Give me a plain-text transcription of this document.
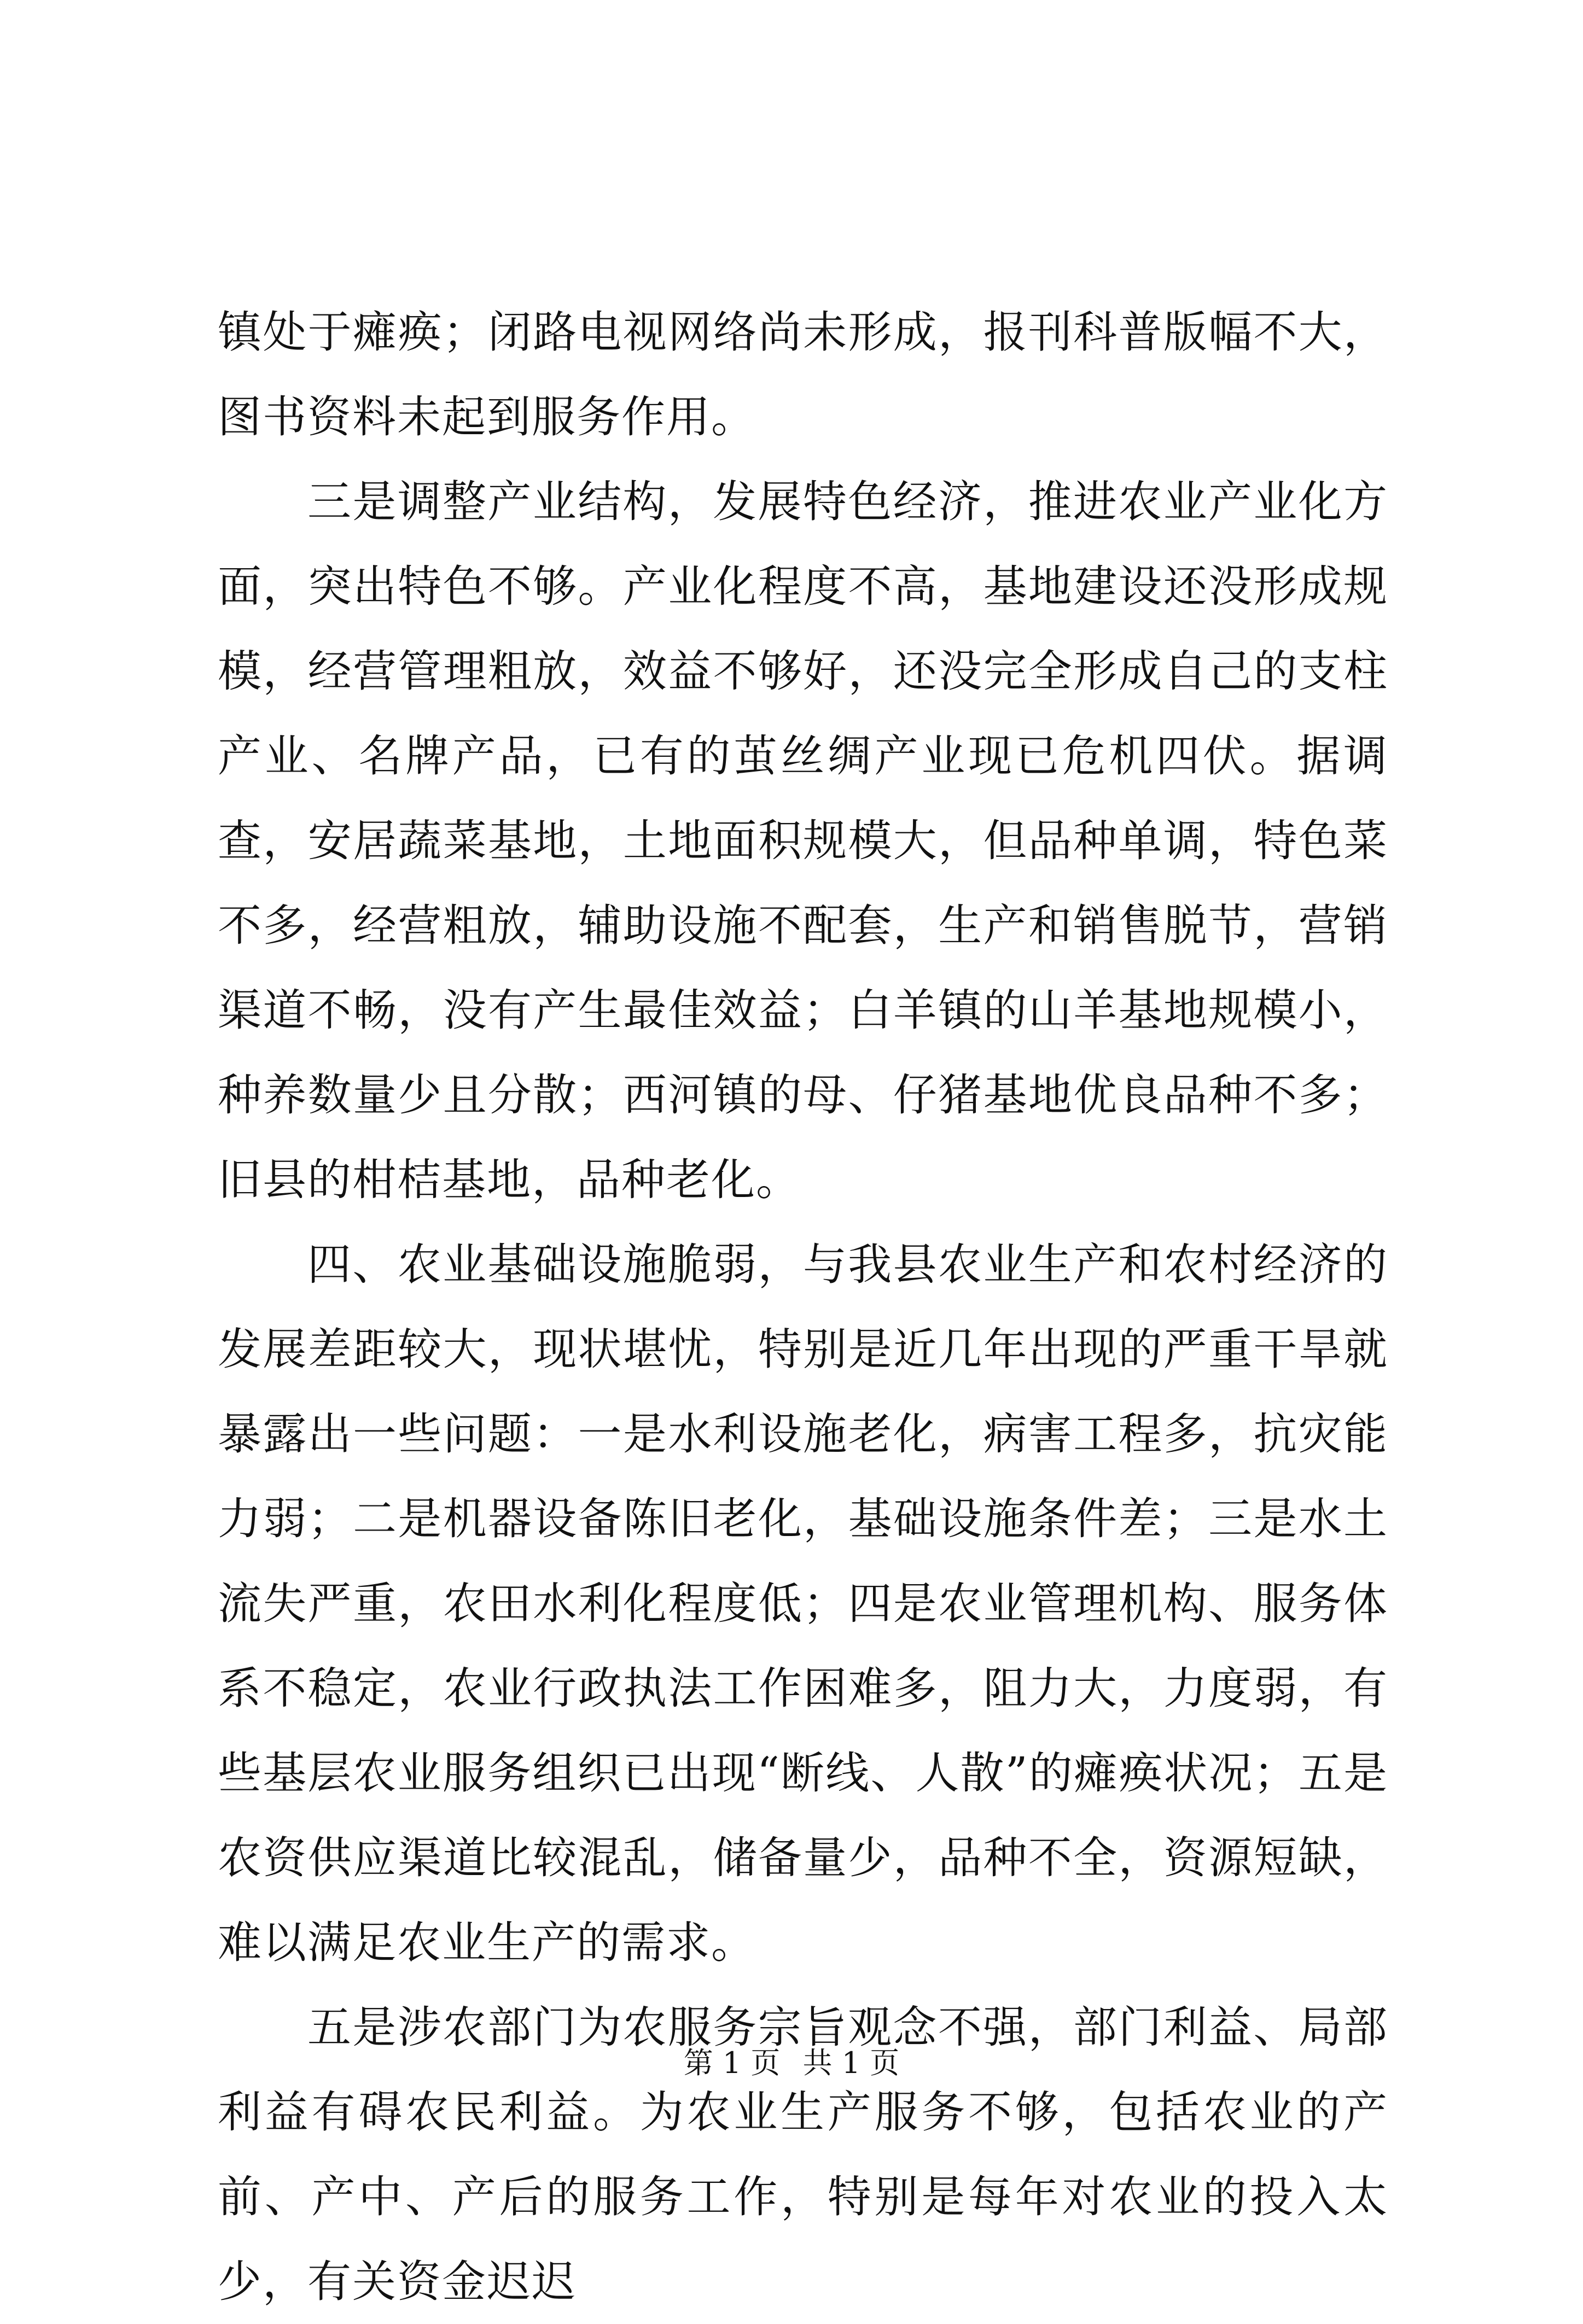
镇处于瘫痪；闭路电视网络尚未形成，报刊科普版幅不大，图书资料未起到服务作用。

三是调整产业结构，发展特色经济，推进农业产业化方面，突出特色不够。产业化程度不高，基地建设还没形成规模，经营管理粗放，效益不够好，还没完全形成自己的支柱产业、名牌产品，已有的茧丝绸产业现已危机四伏。据调查，安居蔬菜基地，土地面积规模大，但品种单调，特色菜不多，经营粗放，辅助设施不配套，生产和销售脱节，营销渠道不畅，没有产生最佳效益；白羊镇的山羊基地规模小，种养数量少且分散；西河镇的母、仔猪基地优良品种不多；旧县的柑桔基地，品种老化。

四、农业基础设施脆弱，与我县农业生产和农村经济的发展差距较大，现状堪忧，特别是近几年出现的严重干旱就暴露出一些问题：一是水利设施老化，病害工程多，抗灾能力弱；二是机器设备陈旧老化，基础设施条件差；三是水土流失严重，农田水利化程度低；四是农业管理机构、服务体系不稳定，农业行政执法工作困难多，阻力大，力度弱，有些基层农业服务组织已出现“断线、人散”的瘫痪状况；五是农资供应渠道比较混乱，储备量少，品种不全，资源短缺，难以满足农业生产的需求。

五是涉农部门为农服务宗旨观念不强，部门利益、局部利益有碍农民利益。为农业生产服务不够，包括农业的产前、产中、产后的服务工作，特别是每年对农业的投入太少，有关资金迟迟

第 1 页 共 1 页
